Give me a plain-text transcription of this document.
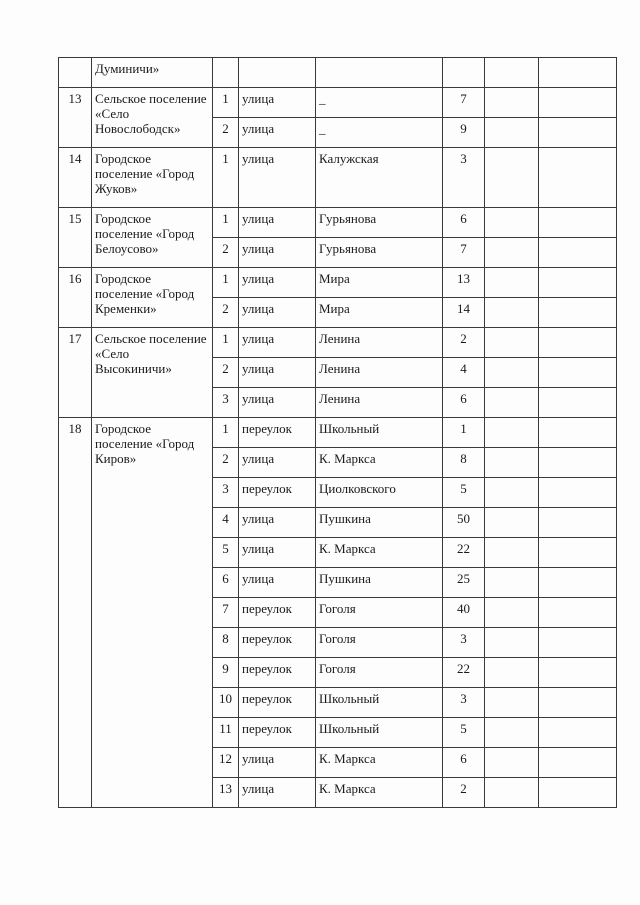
	Думиничи»						
13	Сельское поселение «Село Новослободск»	1	улица	_	7		
		2	улица	_	9		
14	Городское поселение «Город Жуков»	1	улица	Калужская	3		
15	Городское поселение «Город Белоусово»	1	улица	Гурьянова	6		
		2	улица	Гурьянова	7		
16	Городское поселение «Город Кременки»	1	улица	Мира	13		
		2	улица	Мира	14		
17	Сельское поселение «Село Высокиничи»	1	улица	Ленина	2		
		2	улица	Ленина	4		
		3	улица	Ленина	6		
18	Городское поселение «Город Киров»	1	переулок	Школьный	1		
		2	улица	К. Маркса	8		
		3	переулок	Циолковского	5		
		4	улица	Пушкина	50		
		5	улица	К. Маркса	22		
		6	улица	Пушкина	25		
		7	переулок	Гоголя	40		
		8	переулок	Гоголя	3		
		9	переулок	Гоголя	22		
		10	переулок	Школьный	3		
		11	переулок	Школьный	5		
		12	улица	К. Маркса	6		
		13	улица	К. Маркса	2		
